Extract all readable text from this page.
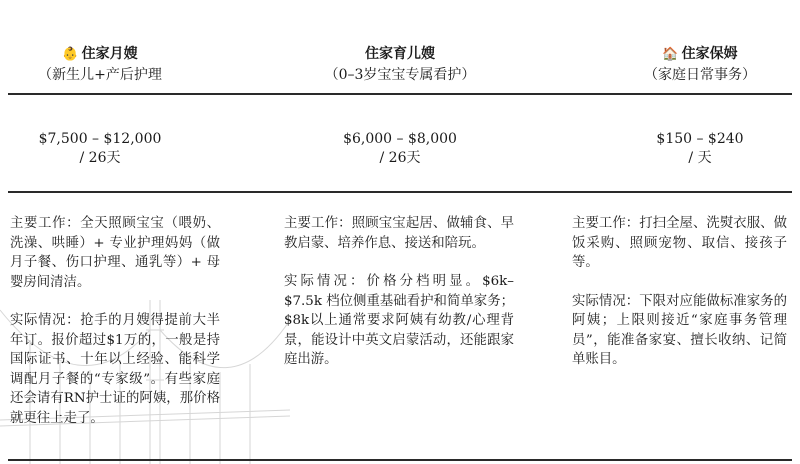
👶 住家月嫂
（新生儿+产后护理
住家育儿嫂
（0–3岁宝宝专属看护）
🏠 住家保姆
（家庭日常事务）
$7,500 – $12,000
/ 26天
$6,000 – $8,000
/ 26天
$150 – $240
/ 天

主要工作：全天照顾宝宝（喂奶、洗澡、哄睡）+ 专业护理妈妈（做月子餐、伤口护理、通乳等）+ 母婴房间清洁。

实际情况：抢手的月嫂得提前大半年订。报价超过$1万的，一般是持国际证书、十年以上经验、能科学调配月子餐的“专家级”。有些家庭还会请有RN护士证的阿姨，那价格就更往上走了。

主要工作：照顾宝宝起居、做辅食、早教启蒙、培养作息、接送和陪玩。

实际情况：价格分档明显。$6k–$7.5k 档位侧重基础看护和简单家务；$8k以上通常要求阿姨有幼教/心理背景，能设计中英文启蒙活动，还能跟家庭出游。

主要工作：打扫全屋、洗熨衣服、做饭采购、照顾宠物、取信、接孩子等。

实际情况：下限对应能做标准家务的阿姨；上限则接近“家庭事务管理员”，能准备家宴、擅长收纳、记简单账目。
